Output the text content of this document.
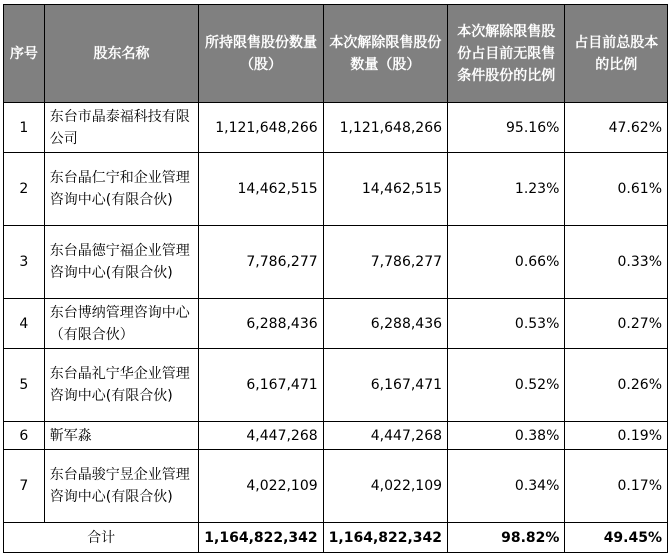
序号	股东名称	所持限售股份数量（股）	本次解除限售股份数量（股）	本次解除限售股份占目前无限售条件股份的比例	占目前总股本的比例
1	东台市晶泰福科技有限公司	1,121,648,266	1,121,648,266	95.16%	47.62%
2	东台晶仁宁和企业管理咨询中心(有限合伙)	14,462,515	14,462,515	1.23%	0.61%
3	东台晶德宁福企业管理咨询中心(有限合伙)	7,786,277	7,786,277	0.66%	0.33%
4	东台博纳管理咨询中心（有限合伙）	6,288,436	6,288,436	0.53%	0.27%
5	东台晶礼宁华企业管理咨询中心(有限合伙)	6,167,471	6,167,471	0.52%	0.26%
6	靳军淼	4,447,268	4,447,268	0.38%	0.19%
7	东台晶骏宁昱企业管理咨询中心(有限合伙)	4,022,109	4,022,109	0.34%	0.17%
合计		1,164,822,342	1,164,822,342	98.82%	49.45%
